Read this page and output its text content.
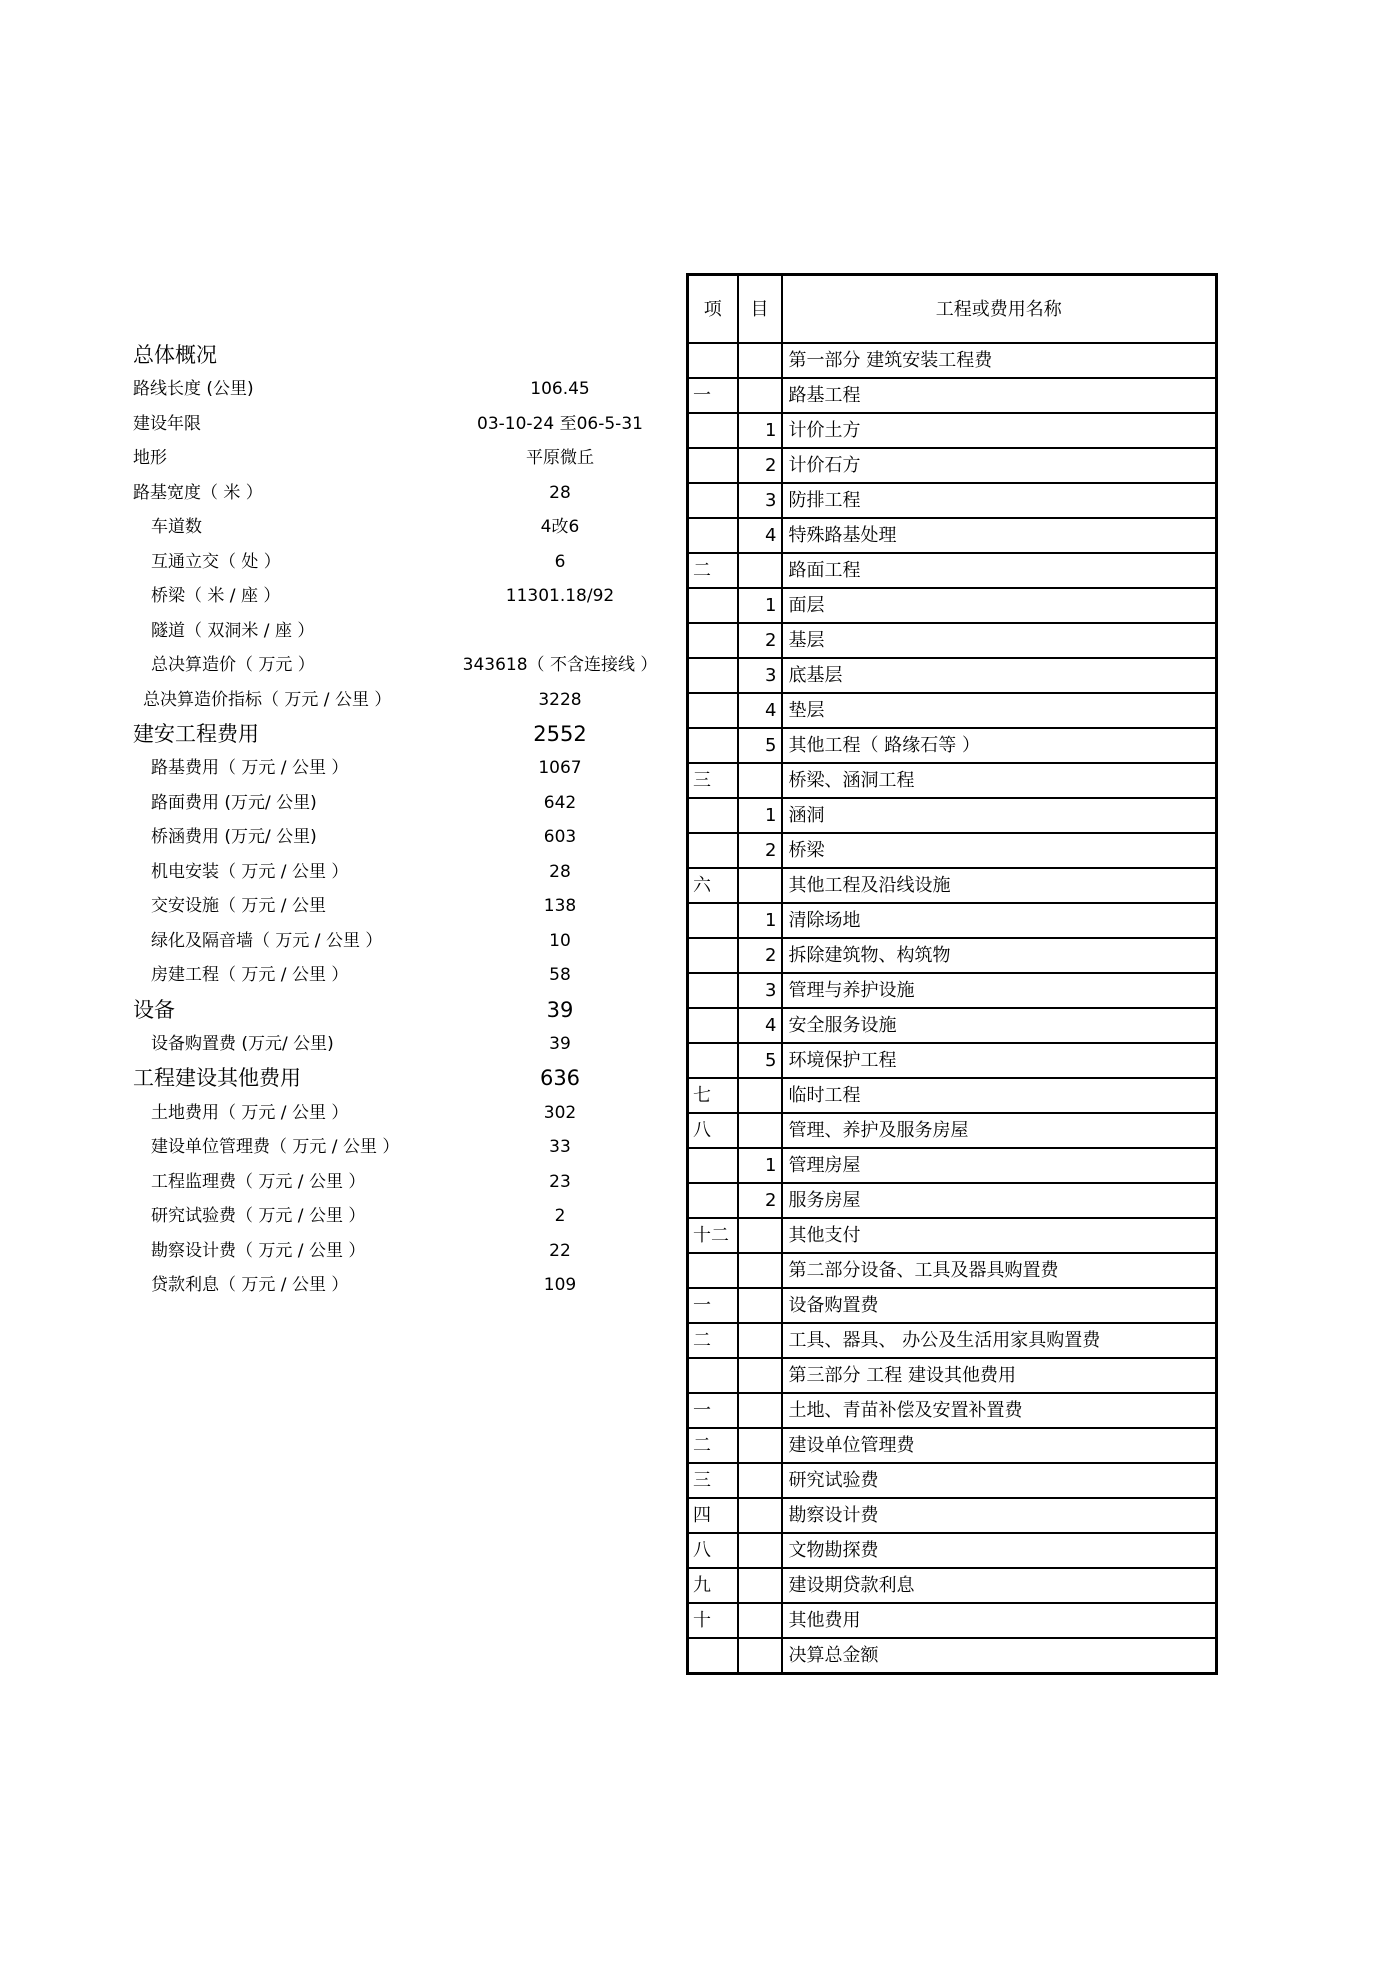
总体概况
路线长度 (公里)	106.45
建设年限	03-10-24 至06-5-31
地形	平原微丘
路基宽度（ 米 ）	28
车道数	4改6
互通立交（ 处 ）	6
桥梁（ 米 / 座 ）	11301.18/92
隧道（ 双洞米 / 座 ）
总决算造价（ 万元 ）	343618（ 不含连接线 ）
总决算造价指标（ 万元 / 公里 ）	3228
建安工程费用	2552
路基费用（ 万元 / 公里 ）	1067
路面费用 (万元/ 公里)	642
桥涵费用 (万元/ 公里)	603
机电安装（ 万元 / 公里 ）	28
交安设施（ 万元 / 公里	138
绿化及隔音墙（ 万元 / 公里 ）	10
房建工程（ 万元 / 公里 ）	58
设备	39
设备购置费 (万元/ 公里)	39
工程建设其他费用	636
土地费用（ 万元 / 公里 ）	302
建设单位管理费（ 万元 / 公里 ）	33
工程监理费（ 万元 / 公里 ）	23
研究试验费（ 万元 / 公里 ）	2
勘察设计费（ 万元 / 公里 ）	22
贷款利息（ 万元 / 公里 ）	109
项	目	工程或费用名称
		第一部分 建筑安装工程费
一		路基工程
	1	计价土方
	2	计价石方
	3	防排工程
	4	特殊路基处理
二		路面工程
	1	面层
	2	基层
	3	底基层
	4	垫层
	5	其他工程（ 路缘石等 ）
三		桥梁、涵洞工程
	1	涵洞
	2	桥梁
六		其他工程及沿线设施
	1	清除场地
	2	拆除建筑物、构筑物
	3	管理与养护设施
	4	安全服务设施
	5	环境保护工程
七		临时工程
八		管理、养护及服务房屋
	1	管理房屋
	2	服务房屋
十二		其他支付
		第二部分设备、工具及器具购置费
一		设备购置费
二		工具、器具、 办公及生活用家具购置费
		第三部分 工程 建设其他费用
一		土地、青苗补偿及安置补置费
二		建设单位管理费
三		研究试验费
四		勘察设计费
八		文物勘探费
九		建设期贷款利息
十		其他费用
		决算总金额
